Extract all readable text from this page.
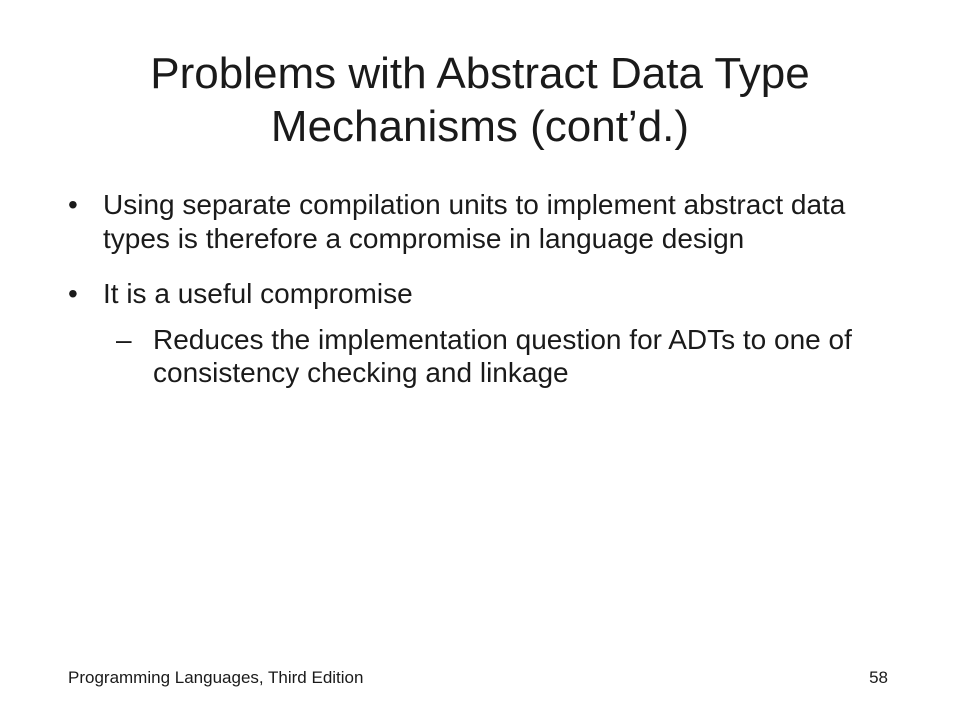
Problems with Abstract Data Type Mechanisms (cont’d.)
• Using separate compilation units to implement abstract data types is therefore a compromise in language design
• It is a useful compromise
– Reduces the implementation question for ADTs to one of consistency checking and linkage
Programming Languages, Third Edition	58
